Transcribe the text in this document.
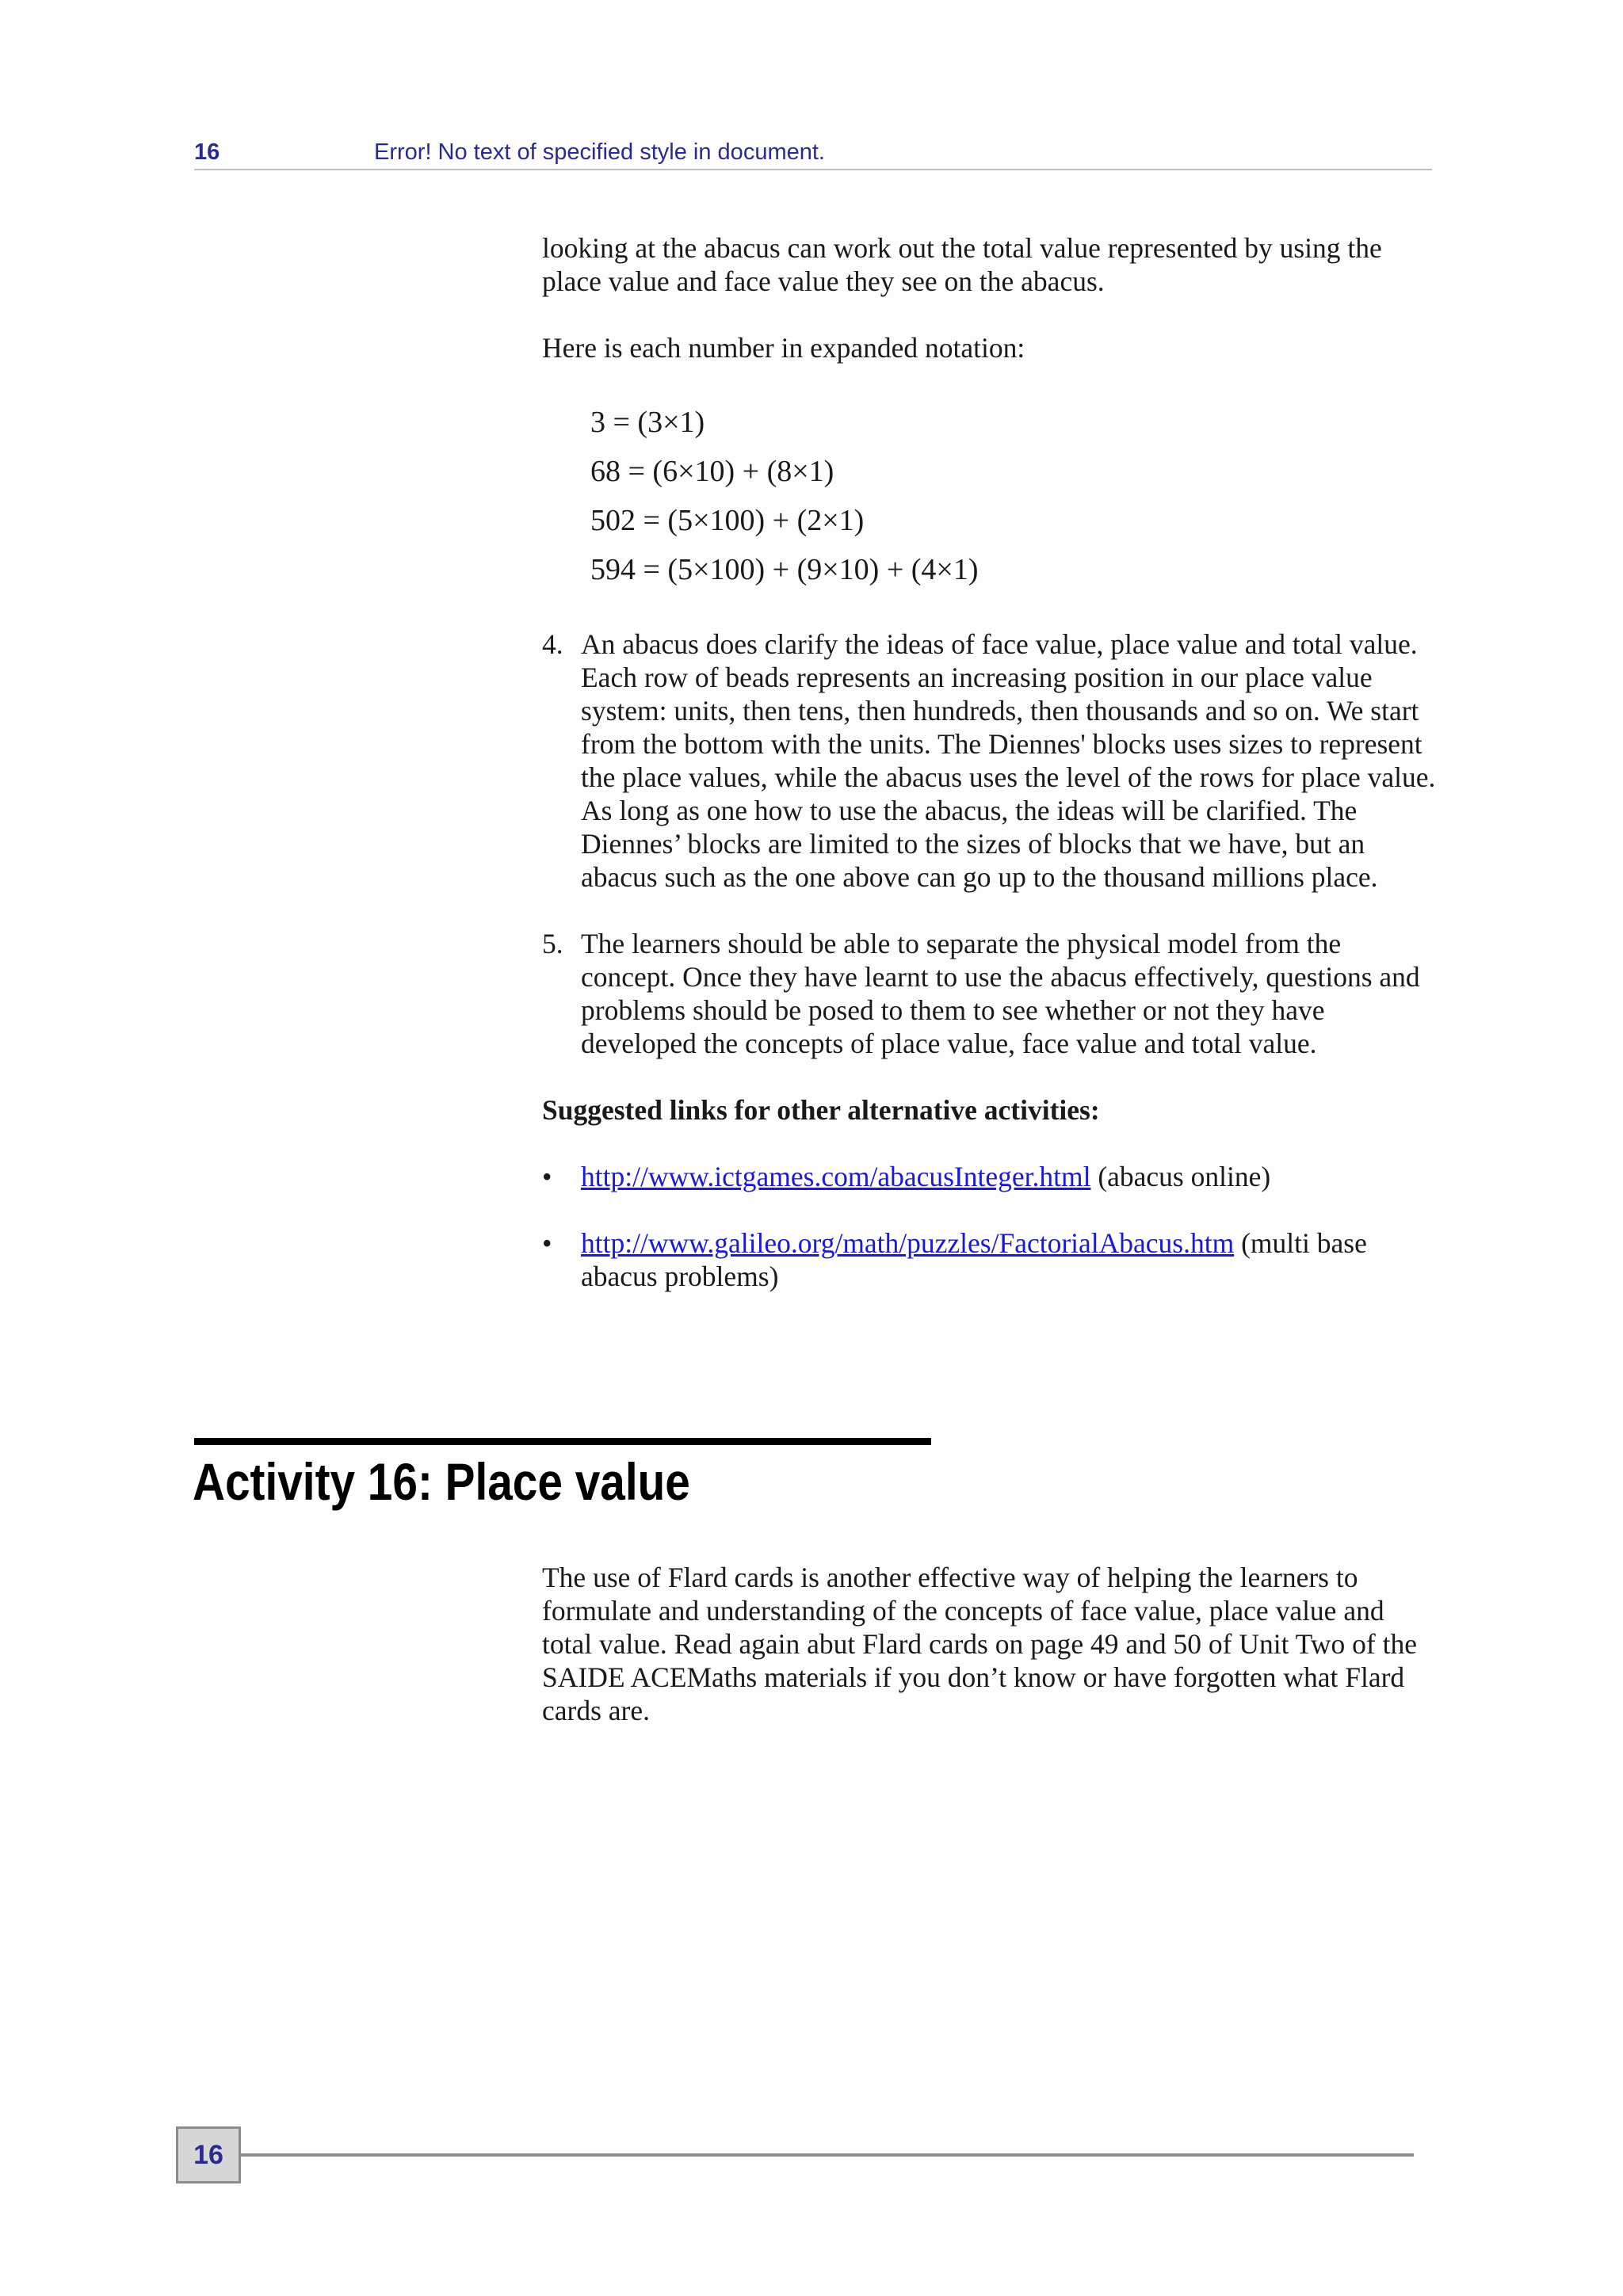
16	Error! No text of specified style in document.

looking at the abacus can work out the total value represented by using the place value and face value they see on the abacus.

Here is each number in expanded notation:

3 = (3×1)
68 = (6×10) + (8×1)
502 = (5×100) + (2×1)
594 = (5×100) + (9×10) + (4×1)
4. An abacus does clarify the ideas of face value, place value and total value. Each row of beads represents an increasing position in our place value system: units, then tens, then hundreds, then thousands and so on. We start from the bottom with the units. The Diennes' blocks uses sizes to represent the place values, while the abacus uses the level of the rows for place value. As long as one how to use the abacus, the ideas will be clarified. The Diennes’ blocks are limited to the sizes of blocks that we have, but an abacus such as the one above can go up to the thousand millions place.
5. The learners should be able to separate the physical model from the concept. Once they have learnt to use the abacus effectively, questions and problems should be posed to them to see whether or not they have developed the concepts of place value, face value and total value.
Suggested links for other alternative activities:
• http://www.ictgames.com/abacusInteger.html (abacus online)
• http://www.galileo.org/math/puzzles/FactorialAbacus.htm (multi base abacus problems)
Activity 16: Place value

The use of Flard cards is another effective way of helping the learners to formulate and understanding of the concepts of face value, place value and total value. Read again abut Flard cards on page 49 and 50 of Unit Two of the SAIDE ACEMaths materials if you don’t know or have forgotten what Flard cards are.

16
